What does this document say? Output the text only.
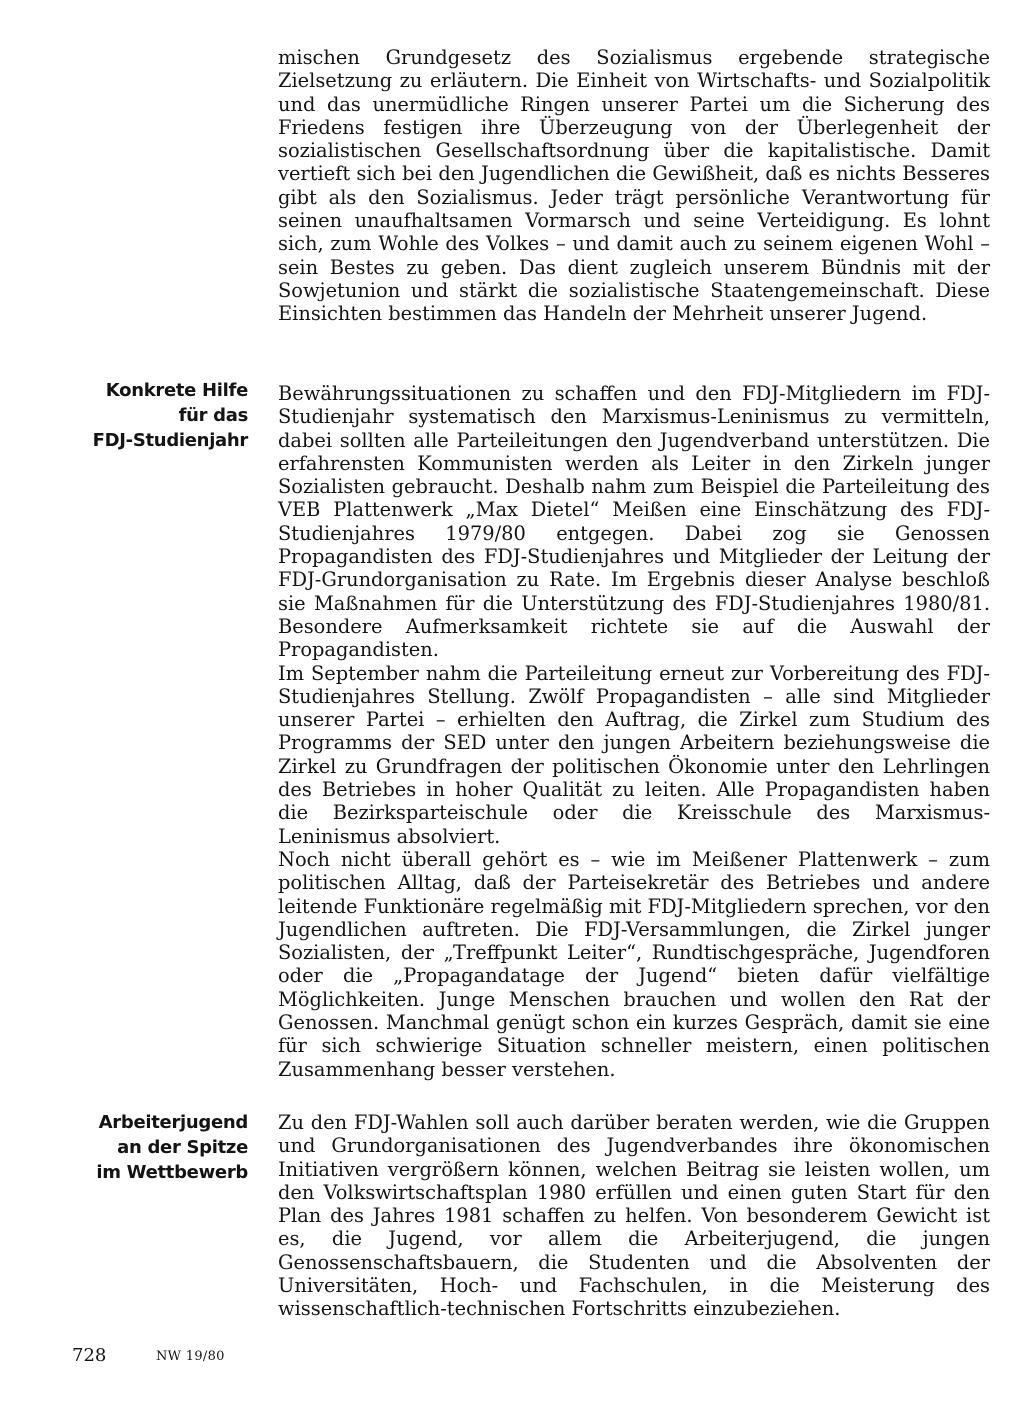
mischen Grundgesetz des Sozialismus ergebende strategische Zielsetzung zu erläutern. Die Einheit von Wirtschafts- und Sozialpolitik und das unermüdliche Ringen unserer Partei um die Sicherung des Friedens festigen ihre Überzeugung von der Überlegenheit der sozialistischen Gesellschaftsordnung über die kapitalistische. Damit vertieft sich bei den Jugendlichen die Gewißheit, daß es nichts Besseres gibt als den Sozialismus. Jeder trägt persönliche Verantwortung für seinen unaufhaltsamen Vormarsch und seine Verteidigung. Es lohnt sich, zum Wohle des Volkes – und damit auch zu seinem eigenen Wohl – sein Bestes zu geben. Das dient zugleich unserem Bündnis mit der Sowjetunion und stärkt die sozialistische Staatengemeinschaft. Diese Einsichten bestimmen das Handeln der Mehrheit unserer Jugend.

Konkrete Hilfe
für das
FDJ-Studienjahr

Bewährungssituationen zu schaffen und den FDJ-Mitgliedern im FDJ-Studienjahr systematisch den Marxismus-Leninismus zu vermitteln, dabei sollten alle Parteileitungen den Jugendverband unterstützen. Die erfahrensten Kommunisten werden als Leiter in den Zirkeln junger Sozialisten gebraucht. Deshalb nahm zum Beispiel die Parteileitung des VEB Plattenwerk „Max Dietel“ Meißen eine Einschätzung des FDJ-Studienjahres 1979/80 entgegen. Dabei zog sie Genossen Propagandisten des FDJ-Studienjahres und Mitglieder der Leitung der FDJ-Grundorganisation zu Rate. Im Ergebnis dieser Analyse beschloß sie Maßnahmen für die Unterstützung des FDJ-Studienjahres 1980/81. Besondere Aufmerksamkeit richtete sie auf die Auswahl der Propagandisten.

Im September nahm die Parteileitung erneut zur Vorbereitung des FDJ-Studienjahres Stellung. Zwölf Propagandisten – alle sind Mitglieder unserer Partei – erhielten den Auftrag, die Zirkel zum Studium des Programms der SED unter den jungen Arbeitern beziehungsweise die Zirkel zu Grundfragen der politischen Ökonomie unter den Lehrlingen des Betriebes in hoher Qualität zu leiten. Alle Propagandisten haben die Bezirksparteischule oder die Kreisschule des Marxismus-Leninismus absolviert.

Noch nicht überall gehört es – wie im Meißener Plattenwerk – zum politischen Alltag, daß der Parteisekretär des Betriebes und andere leitende Funktionäre regelmäßig mit FDJ-Mitgliedern sprechen, vor den Jugendlichen auftreten. Die FDJ-Versammlungen, die Zirkel junger Sozialisten, der „Treffpunkt Leiter“, Rundtischgespräche, Jugendforen oder die „Propagandatage der Jugend“ bieten dafür vielfältige Möglichkeiten. Junge Menschen brauchen und wollen den Rat der Genossen. Manchmal genügt schon ein kurzes Gespräch, damit sie eine für sich schwierige Situation schneller meistern, einen politischen Zusammenhang besser verstehen.

Arbeiterjugend
an der Spitze
im Wettbewerb

Zu den FDJ-Wahlen soll auch darüber beraten werden, wie die Gruppen und Grundorganisationen des Jugendverbandes ihre ökonomischen Initiativen vergrößern können, welchen Beitrag sie leisten wollen, um den Volkswirtschaftsplan 1980 erfüllen und einen guten Start für den Plan des Jahres 1981 schaffen zu helfen. Von besonderem Gewicht ist es, die Jugend, vor allem die Arbeiterjugend, die jungen Genossenschaftsbauern, die Studenten und die Absolventen der Universitäten, Hoch- und Fachschulen, in die Meisterung des wissenschaftlich-technischen Fortschritts einzubeziehen.

728	NW 19/80
